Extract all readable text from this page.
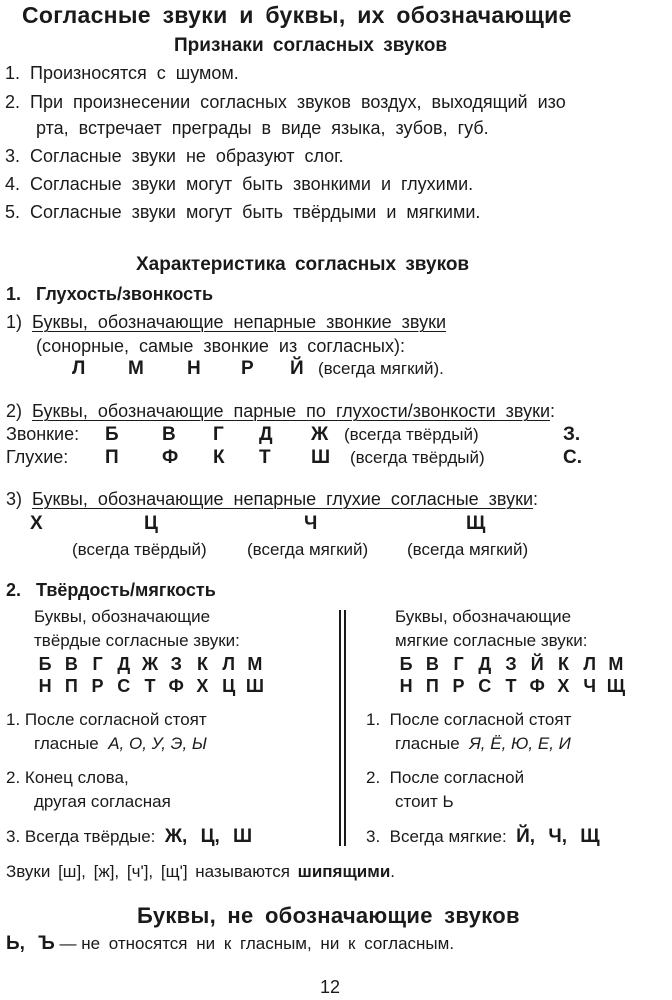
Согласные звуки и буквы, их обозначающие
Признаки согласных звуков
1. Произносятся с шумом.
2. При произнесении согласных звуков воздух, выходящий изо
рта, встречает преграды в виде языка, зубов, губ.
3. Согласные звуки не образуют слог.
4. Согласные звуки могут быть звонкими и глухими.
5. Согласные звуки могут быть твёрдыми и мягкими.
Характеристика согласных звуков
1. Глухость/звонкость
1) Буквы, обозначающие непарные звонкие звуки
(сонорные, самые звонкие из согласных):
Л М Н Р Й (всегда мягкий).
2) Буквы, обозначающие парные по глухости/звонкости звуки:
Звонкие: Б В Г Д Ж (всегда твёрдый)	З.
Глухие: П Ф К Т Ш (всегда твёрдый)	С.
3) Буквы, обозначающие непарные глухие согласные звуки:
Х	Ц	Ч	Щ
(всегда твёрдый) (всегда мягкий) (всегда мягкий)
2. Твёрдость/мягкость
Буквы, обозначающие
твёрдые согласные звуки:
Б В Г Д Ж З К Л М
Н П Р С Т Ф Х Ц Ш
1. После согласной стоят
гласные А, О, У, Э, Ы
2. Конец слова,
другая согласная
3. Всегда твёрдые: Ж, Ц, Ш
Буквы, обозначающие
мягкие согласные звуки:
Б В Г Д З Й К Л М
Н П Р С Т Ф Х Ч Щ
1. После согласной стоят
гласные Я, Ё, Ю, Е, И
2. После согласной
стоит Ь
3. Всегда мягкие: Й, Ч, Щ
Звуки [ш], [ж], [ч'], [щ'] называются шипящими.
Буквы, не обозначающие звуков
Ь, Ъ — не относятся ни к гласным, ни к согласным.
12
